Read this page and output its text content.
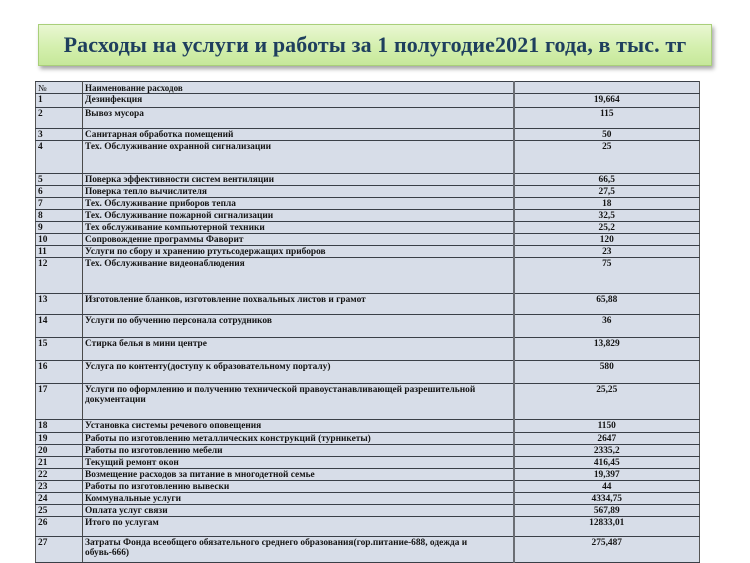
Расходы на услуги и работы за 1 полугодие2021 года, в тыс. тг
№	Наименование расходов	
1	Дезинфекция	19,664
2	Вывоз мусора	115
3	Санитарная обработка помещений	50
4	Тех. Обслуживание охранной сигнализации	25
5	Поверка эффективности систем вентиляции	66,5
6	Поверка тепло вычислителя	27,5
7	Тех. Обслуживание приборов тепла	18
8	Тех. Обслуживание пожарной сигнализации	32,5
9	Тех обслуживание компьютерной техники	25,2
10	Сопровождение программы Фаворит	120
11	Услуги по сбору и хранению ртутьсодержащих приборов	23
12	Тех. Обслуживание видеонаблюдения	75
13	Изготовление бланков, изготовление похвальных листов и грамот	65,88
14	Услуги по обучению персонала сотрудников	36
15	Стирка белья в мини центре	13,829
16	Услуга по контенту(доступу к образовательному порталу)	580
17	Услуги по оформлению и получению технической правоустанавливающей разрешительной документации	25,25
18	Установка системы речевого оповещения	1150
19	Работы по изготовлению металлических конструкций (турникеты)	2647
20	Работы по изготовлению мебели	2335,2
21	Текущий ремонт окон	416,45
22	Возмещение расходов за питание в многодетной семье	19,397
23	Работы по изготовлению вывески	44
24	Коммунальные услуги	4334,75
25	Оплата услуг связи	567,89
26	Итого по услугам	12833,01
27	Затраты Фонда всеобщего обязательного среднего образования(гор.питание-688, одежда и обувь-666)	275,487
